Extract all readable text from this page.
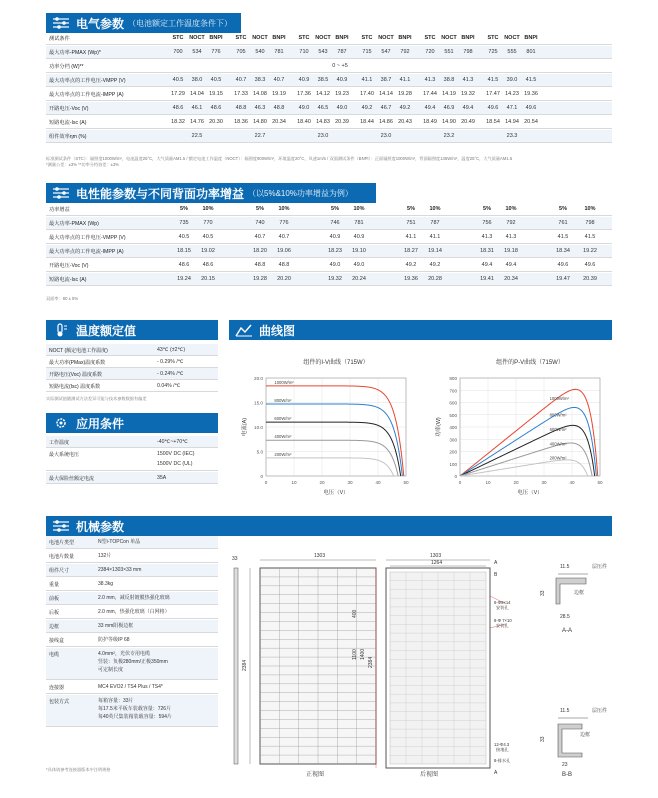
电气参数 （电池额定工作温度条件下）
标准测试条件（STC）：辐照度1000W/m²，电池温度25°C，大气质量AM1.5 / 额定电池工作温度（NOCT）：辐照度800W/m²，环境温度20°C，风速1m/s / 双面测试条件（BNPI）：正面辐照度1000W/m²，背面辐照度135W/m²，温度25°C，大气质量AM1.5
*测量公差：±3% **功率分档容差：±3%
电性能参数与不同背面功率增益 （以5%&10%功率增益为例）
双面率：80 ± 5%
温度额定值
NOCT (额定电池工作温度)	43℃ (±2℃)
最大功率(PMax)温度系数	- 0.29% /℃
开路电压(Voc) 温度系数	- 0.24% /℃
短路电流(Isc) 温度系数	0.04% /℃
实际测试值随测试方法差异可能与技术参数数据有偏差
应用条件
工作温度	-40℃~+70℃
最大系统电压	1500V DC (IEC)
1500V DC (UL)
最大保险丝额定电流	35A
曲线图
组件的I-V曲线（715W）
0
5.0
10.0
15.0
20.0
0	10	20	30	40	50
电压（V）
电流(A)
1000W/m²
800W/m²
600W/m²
400W/m²
200W/m²
组件的P-V曲线（715W）
0
100
200
300
400
500
600
700
800
0	10	20	30	40	50
电压（V）
功率(W)
1000W/m²
800W/m²
600W/m²
400W/m²
200W/m²
机械参数
*具体请参考连接器版本中注明规格
1303
2384
33
正视图
1303
1264
2384
1400
1100
400
A
B
6-Φ9×14
安装孔
8-Φ 7×10
安装孔
12-Φ4.3
接地孔
8-排水孔
A
后视图
11.5
33
层压件
边框
28.5
A-A
11.5
33
层压件
边框
23
B-B
测试条件	STC	NOCT BNPI	STC	NOCT BNPI	STC	NOCT BNPI	STC	NOCT BNPI	STC	NOCT BNPI	STC	NOCT BNPI
最大功率-PMAX (Wp)*	700	534	776	705	540	781	710	543	787	715	547	792	720	551	798	725	555	801
功率分档 (W)**	0 ~ +5
最大功率点的工作电压-VMPP (V)	40.5	38.0	40.5	40.7	38.3	40.7	40.9	38.5	40.9	41.1	38.7	41.1	41.3	38.8	41.3	41.5	39.0	41.5
最大功率点的工作电流-IMPP (A)	17.29 14.04 19.15	17.33 14.08 19.19	17.36 14.12 19.23	17.40 14.14 19.28	17.44 14.19 19.32	17.47 14.23 19.36
开路电压-Voc (V)	48.6	46.1	48.6	48.8	46.3	48.8	49.0	46.5	49.0	49.2	46.7	49.2	49.4	46.9	49.4	49.6	47.1	49.6
短路电流-Isc (A)	18.32 14.76 20.30	18.36 14.80 20.34	18.40 14.83 20.39	18.44 14.86 20.43	18.49 14.90 20.49	18.54 14.94 20.54
组件效率ηm (%)	22.5	22.7	23.0	23.0	23.2	23.3
功率增益	5%	10%	5%	10%	5%	10%	5%	10%	5%	10%	5%	10%
最大功率-PMAX (Wp)	735	770	740	776	746	781	751	787	756	792	761	798
最大功率点的工作电压-VMPP (V)	40.5	40.5	40.7	40.7	40.9	40.9	41.1	41.1	41.3	41.3	41.5	41.5
最大功率点的工作电流-IMPP (A)	18.15	19.02	18.20	19.06	18.23	19.10	18.27	19.14	18.31	19.18	18.34	19.22
开路电压-Voc (V)	48.6	48.6	48.8	48.8	49.0	49.0	49.2	49.2	49.4	49.4	49.6	49.6
短路电流-Isc (A)	19.24	20.15	19.28	20.20	19.32	20.24	19.36	20.28	19.41	20.34	19.47	20.39
电池片类型	N型i-TOPCon 单晶
电池片数量	132片
组件尺寸	2384×1303×33 mm
重量	38.3kg
前板	2.0 mm，减反射镀膜热强化玻璃
后板	2.0 mm，热强化玻璃（白网格）
边框	33 mm阳极边框
接线盒	防护等级IP 68
电缆	4.0mm²，光伏专用电缆
竖装：负极280mm/正极350mm
可定制长度
连接器	MC4 EVO2 / TS4 Plus / TS4*
包装方式	每箱容量：33片
每17.5米平板车装载容量：726片
每40英尺集装箱装载容量：594片
